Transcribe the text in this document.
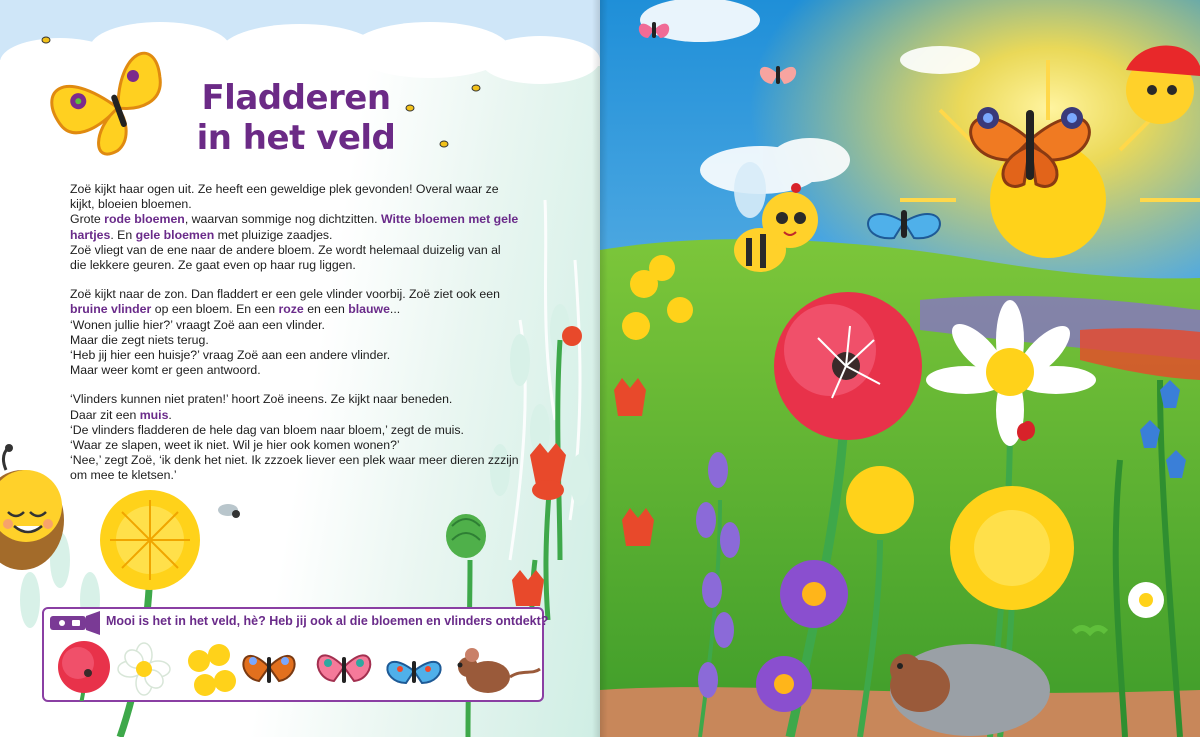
Fladderen
in het veld

Zoë kijkt haar ogen uit. Ze heeft een geweldige plek gevonden! Overal waar ze kijkt, bloeien bloemen.
Grote rode bloemen, waarvan sommige nog dichtzitten. Witte bloemen met gele hartjes. En gele bloemen met pluizige zaadjes.
Zoë vliegt van de ene naar de andere bloem. Ze wordt helemaal duizelig van al die lekkere geuren. Ze gaat even op haar rug liggen.

Zoë kijkt naar de zon. Dan fladdert er een gele vlinder voorbij. Zoë ziet ook een bruine vlinder op een bloem. En een roze en een blauwe...
‘Wonen jullie hier?’ vraagt Zoë aan een vlinder.
Maar die zegt niets terug.
‘Heb jij hier een huisje?’ vraag Zoë aan een andere vlinder.
Maar weer komt er geen antwoord.

‘Vlinders kunnen niet praten!’ hoort Zoë ineens. Ze kijkt naar beneden.
Daar zit een muis.
‘De vlinders fladderen de hele dag van bloem naar bloem,’ zegt de muis.
‘Waar ze slapen, weet ik niet. Wil je hier ook komen wonen?’
‘Nee,’ zegt Zoë, ‘ik denk het niet. Ik zzzoek liever een plek waar meer dieren zzzijn om mee te kletsen.’

Mooi is het in het veld, hè? Heb jij ook al die bloemen en vlinders ontdekt?
